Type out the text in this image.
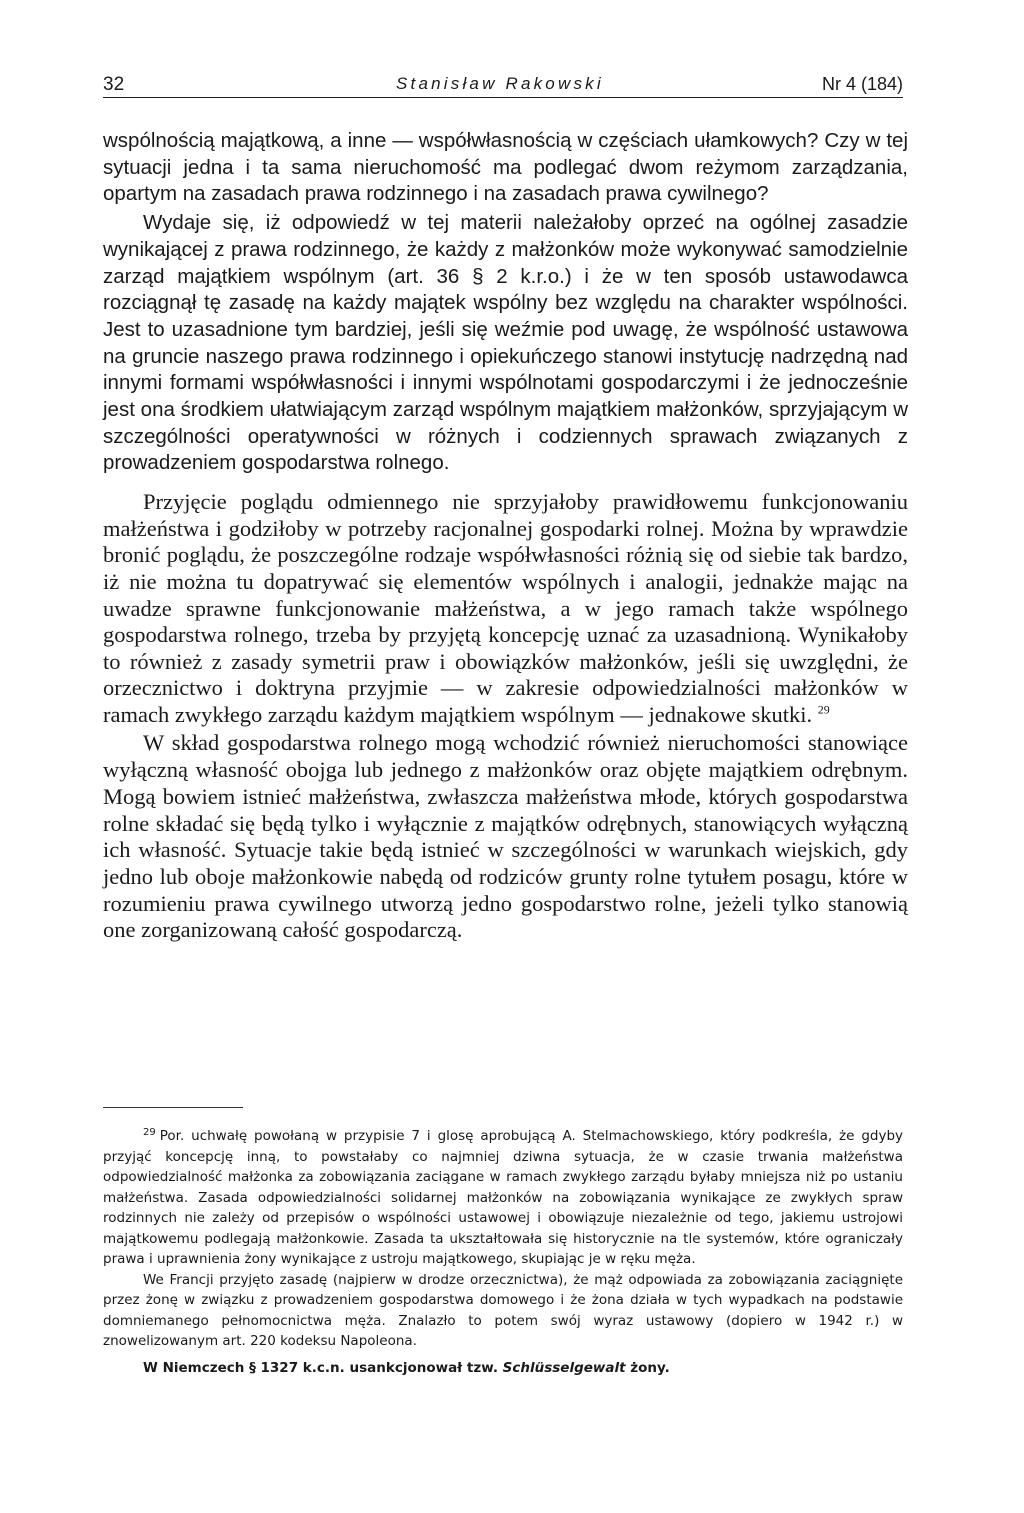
32	Stanisław Rakowski	Nr 4 (184)

wspólnością majątkową, a inne — współwłasnością w częściach ułamkowych? Czy w tej sytuacji jedna i ta sama nieruchomość ma podlegać dwom reżymom zarządzania, opartym na zasadach prawa rodzinnego i na zasadach prawa cywilnego?

Wydaje się, iż odpowiedź w tej materii należałoby oprzeć na ogólnej zasadzie wynikającej z prawa rodzinnego, że każdy z małżonków może wykonywać samodzielnie zarząd majątkiem wspólnym (art. 36 § 2 k.r.o.) i że w ten sposób ustawodawca rozciągnął tę zasadę na każdy majątek wspólny bez względu na charakter wspólności. Jest to uzasadnione tym bardziej, jeśli się weźmie pod uwagę, że wspólność ustawowa na gruncie naszego prawa rodzinnego i opiekuńczego stanowi instytucję nadrzędną nad innymi formami współwłasności i innymi wspólnotami gospodarczymi i że jednocześnie jest ona środkiem ułatwiającym zarząd wspólnym majątkiem małżonków, sprzyjającym w szczególności operatywności w różnych i codziennych sprawach związanych z prowadzeniem gospodarstwa rolnego.

Przyjęcie poglądu odmiennego nie sprzyjałoby prawidłowemu funkcjonowaniu małżeństwa i godziłoby w potrzeby racjonalnej gospodarki rolnej. Można by wprawdzie bronić poglądu, że poszczególne rodzaje współwłasności różnią się od siebie tak bardzo, iż nie można tu dopatrywać się elementów wspólnych i analogii, jednakże mając na uwadze sprawne funkcjonowanie małżeństwa, a w jego ramach także wspólnego gospodarstwa rolnego, trzeba by przyjętą koncepcję uznać za uzasadnioną. Wynikałoby to również z zasady symetrii praw i obowiązków małżonków, jeśli się uwzględni, że orzecznictwo i doktryna przyjmie — w zakresie odpowiedzialności małżonków w ramach zwykłego zarządu każdym majątkiem wspólnym — jednakowe skutki. $^{29}$

W skład gospodarstwa rolnego mogą wchodzić również nieruchomości stanowiące wyłączną własność obojga lub jednego z małżonków oraz objęte majątkiem odrębnym. Mogą bowiem istnieć małżeństwa, zwłaszcza małżeństwa młode, których gospodarstwa rolne składać się będą tylko i wyłącznie z majątków odrębnych, stanowiących wyłączną ich własność. Sytuacje takie będą istnieć w szczególności w warunkach wiejskich, gdy jedno lub oboje małżonkowie nabędą od rodziców grunty rolne tytułem posagu, które w rozumieniu prawa cywilnego utworzą jedno gospodarstwo rolne, jeżeli tylko stanowią one zorganizowaną całość gospodarczą.

$^{29}$ Por. uchwałę powołaną w przypisie 7 i glosę aprobującą A. Stelmachowskiego, który podkreśla, że gdyby przyjąć koncepcję inną, to powstałaby co najmniej dziwna sytuacja, że w czasie trwania małżeństwa odpowiedzialność małżonka za zobowiązania zaciągane w ramach zwykłego zarządu byłaby mniejsza niż po ustaniu małżeństwa. Zasada odpowiedzialności solidarnej małżonków na zobowiązania wynikające ze zwykłych spraw rodzinnych nie zależy od przepisów o wspólności ustawowej i obowiązuje niezależnie od tego, jakiemu ustrojowi majątkowemu podlegają małżonkowie. Zasada ta ukształtowała się historycznie na tle systemów, które ograniczały prawa i uprawnienia żony wynikające z ustroju majątkowego, skupiając je w ręku męża.

We Francji przyjęto zasadę (najpierw w drodze orzecznictwa), że mąż odpowiada za zobowiązania zaciągnięte przez żonę w związku z prowadzeniem gospodarstwa domowego i że żona działa w tych wypadkach na podstawie domniemanego pełnomocnictwa męża. Znalazło to potem swój wyraz ustawowy (dopiero w 1942 r.) w znowelizowanym art. 220 kodeksu Napoleona.

W Niemczech § 1327 k.c.n. usankcjonował tzw. Schlüsselgewalt żony.
